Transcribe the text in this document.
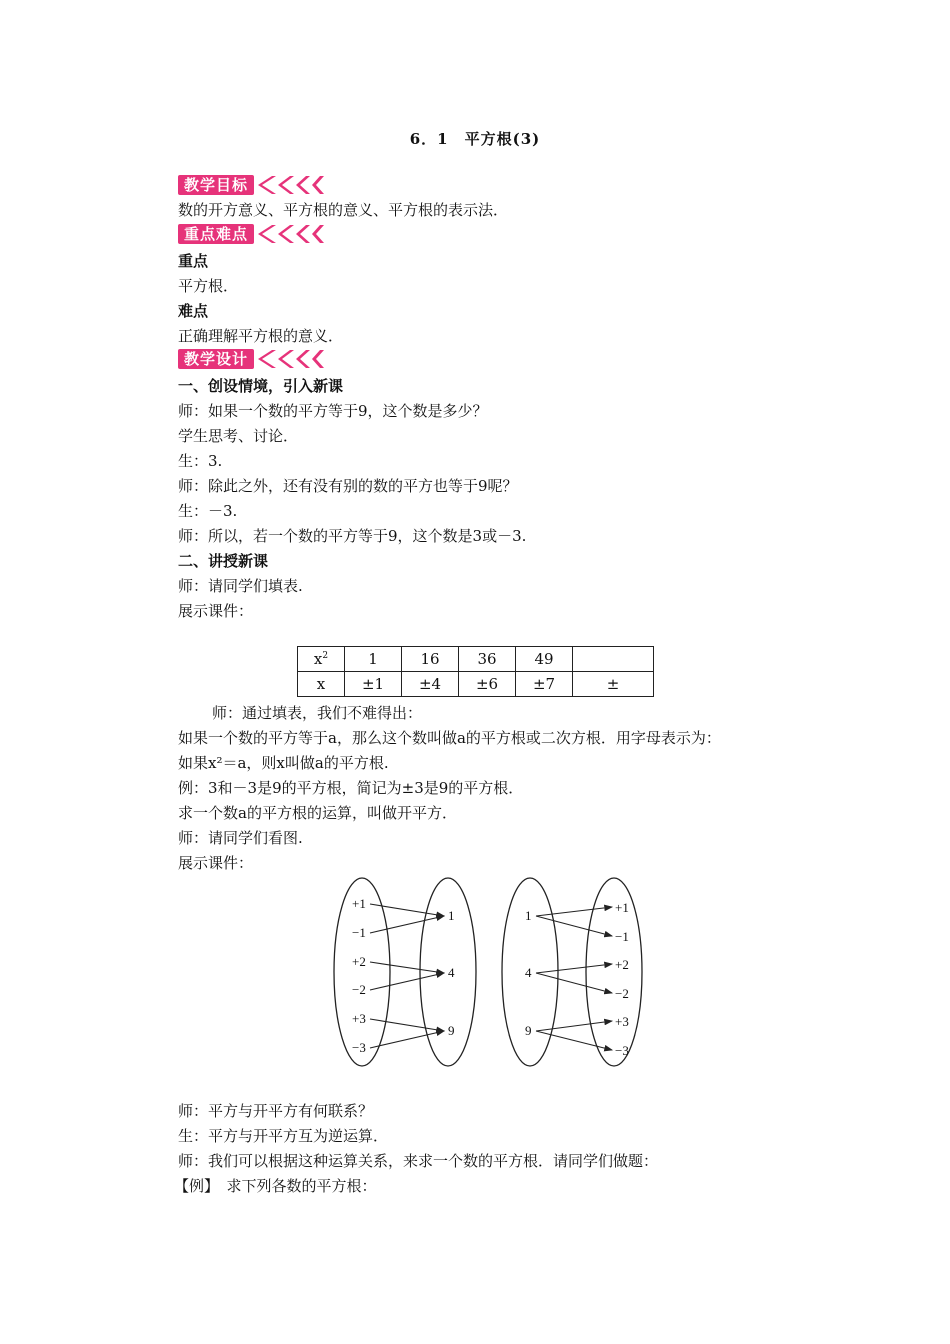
6．1　平方根(3)
教学目标
数的开方意义、平方根的意义、平方根的表示法．
重点难点
重点
平方根．
难点
正确理解平方根的意义．
教学设计
一、创设情境，引入新课
师：如果一个数的平方等于9，这个数是多少？
学生思考、讨论．
生：3.
师：除此之外，还有没有别的数的平方也等于9呢？
生：－3.
师：所以，若一个数的平方等于9，这个数是3或－3.
二、讲授新课
师：请同学们填表.
展示课件：
$x^2$	1	16	36	49	
x	±1	±4	±6	±7	±
师：通过填表，我们不难得出：
如果一个数的平方等于a，那么这个数叫做a的平方根或二次方根．用字母表示为：
如果x²＝a，则x叫做a的平方根.
例：3和－3是9的平方根，简记为±3是9的平方根．
求一个数a的平方根的运算，叫做开平方．
师：请同学们看图.
展示课件：
+1
−1
+2
−2
+3
−3
1
4
9
1
4
9
+1
−1
+2
−2
+3
−3
师：平方与开平方有何联系？
生：平方与开平方互为逆运算．
师：我们可以根据这种运算关系，来求一个数的平方根．请同学们做题：
【例】　求下列各数的平方根：
